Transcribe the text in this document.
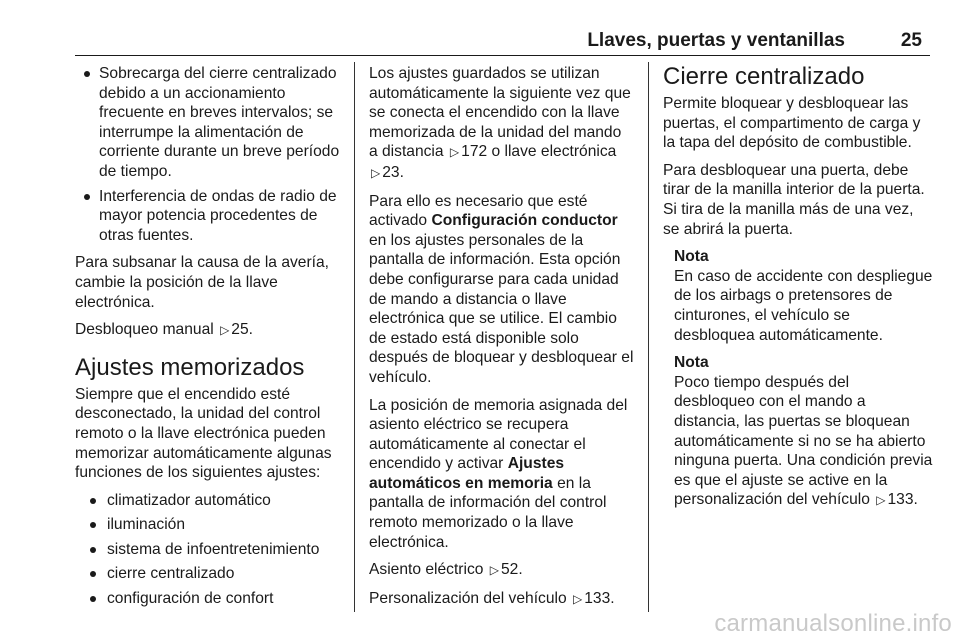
Llaves, puertas y ventanillas	25
Sobrecarga del cierre centralizado debido a un accionamiento frecuente en breves intervalos; se interrumpe la alimentación de corriente durante un breve período de tiempo.
Interferencia de ondas de radio de mayor potencia procedentes de otras fuentes.

Para subsanar la causa de la avería, cambie la posición de la llave electrónica.

Desbloqueo manual ▷ 25.

Ajustes memorizados

Siempre que el encendido esté desconectado, la unidad del control remoto o la llave electrónica pueden memorizar automáticamente algunas funciones de los siguientes ajustes:

climatizador automático
iluminación
sistema de infoentretenimiento
cierre centralizado
configuración de confort

Los ajustes guardados se utilizan automáticamente la siguiente vez que se conecta el encendido con la llave memorizada de la unidad del mando a distancia ▷ 172 o llave electrónica ▷ 23.

Para ello es necesario que esté activado Configuración conductor en los ajustes personales de la pantalla de información. Esta opción debe configurarse para cada unidad de mando a distancia o llave electrónica que se utilice. El cambio de estado está disponible solo después de bloquear y desbloquear el vehículo.

La posición de memoria asignada del asiento eléctrico se recupera automáticamente al conectar el encendido y activar Ajustes automáticos en memoria en la pantalla de información del control remoto memorizado o la llave electrónica.

Asiento eléctrico ▷ 52.

Personalización del vehículo ▷ 133.

Cierre centralizado

Permite bloquear y desbloquear las puertas, el compartimento de carga y la tapa del depósito de combustible.

Para desbloquear una puerta, debe tirar de la manilla interior de la puerta. Si tira de la manilla más de una vez, se abrirá la puerta.

Nota
En caso de accidente con despliegue de los airbags o pretensores de cinturones, el vehículo se desbloquea automáticamente.
Nota
Poco tiempo después del desbloqueo con el mando a distancia, las puertas se bloquean automáticamente si no se ha abierto ninguna puerta. Una condición previa es que el ajuste se active en la personalización del vehículo ▷ 133.
carmanualsonline.info
